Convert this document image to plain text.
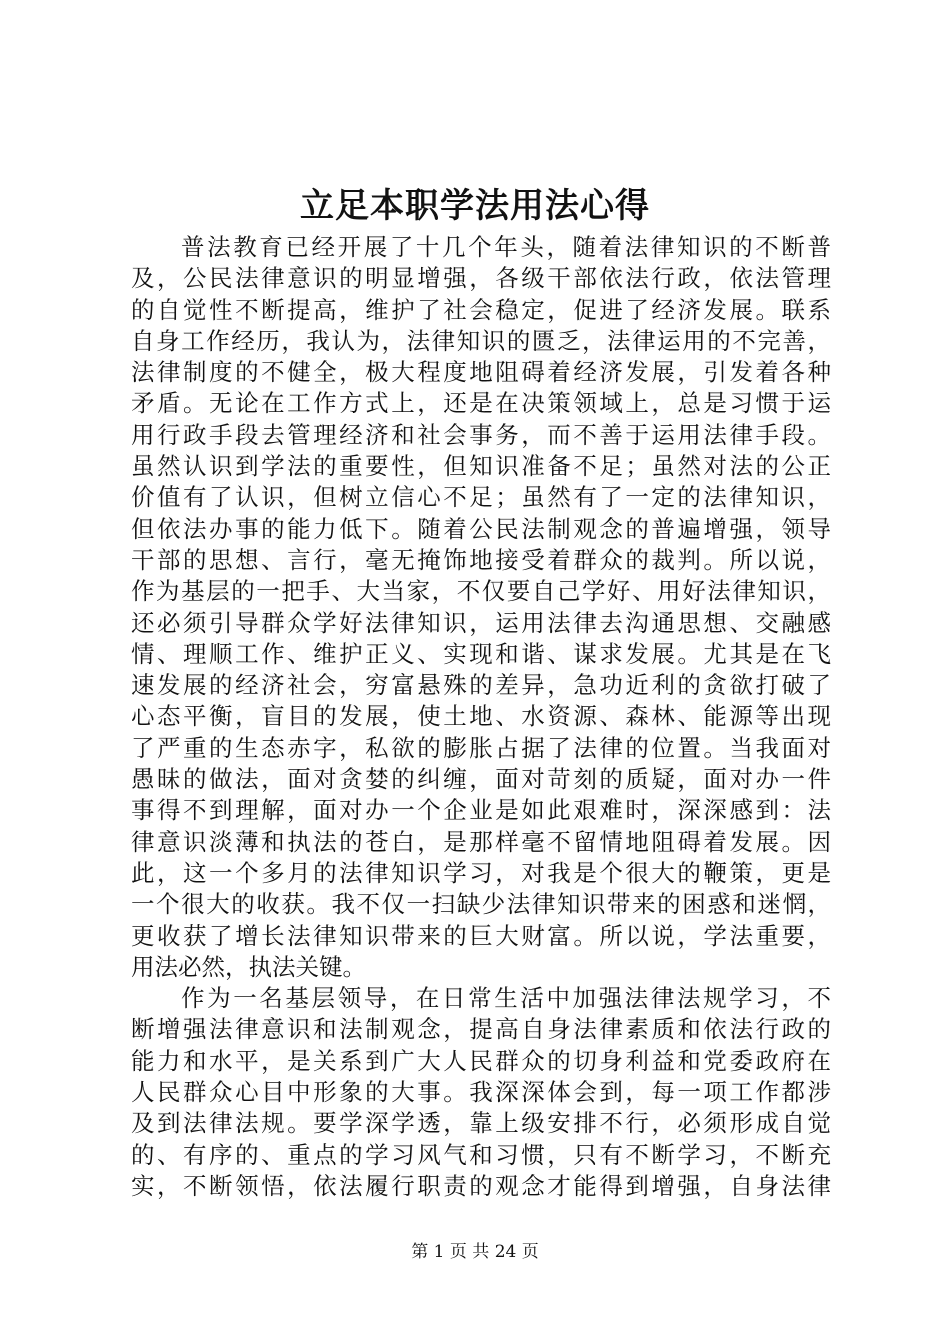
立足本职学法用法心得
普法教育已经开展了十几个年头，随着法律知识的不断普
及，公民法律意识的明显增强，各级干部依法行政，依法管理
的自觉性不断提高，维护了社会稳定，促进了经济发展。联系
自身工作经历，我认为，法律知识的匮乏，法律运用的不完善，
法律制度的不健全，极大程度地阻碍着经济发展，引发着各种
矛盾。无论在工作方式上，还是在决策领域上，总是习惯于运
用行政手段去管理经济和社会事务，而不善于运用法律手段。
虽然认识到学法的重要性，但知识准备不足；虽然对法的公正
价值有了认识，但树立信心不足；虽然有了一定的法律知识，
但依法办事的能力低下。随着公民法制观念的普遍增强，领导
干部的思想、言行，毫无掩饰地接受着群众的裁判。所以说，
作为基层的一把手、大当家，不仅要自己学好、用好法律知识，
还必须引导群众学好法律知识，运用法律去沟通思想、交融感
情、理顺工作、维护正义、实现和谐、谋求发展。尤其是在飞
速发展的经济社会，穷富悬殊的差异，急功近利的贪欲打破了
心态平衡，盲目的发展，使土地、水资源、森林、能源等出现
了严重的生态赤字，私欲的膨胀占据了法律的位置。当我面对
愚昧的做法，面对贪婪的纠缠，面对苛刻的质疑，面对办一件
事得不到理解，面对办一个企业是如此艰难时，深深感到：法
律意识淡薄和执法的苍白，是那样毫不留情地阻碍着发展。因
此，这一个多月的法律知识学习，对我是个很大的鞭策，更是
一个很大的收获。我不仅一扫缺少法律知识带来的困惑和迷惘，
更收获了增长法律知识带来的巨大财富。所以说，学法重要，
用法必然，执法关键。
作为一名基层领导，在日常生活中加强法律法规学习，不
断增强法律意识和法制观念，提高自身法律素质和依法行政的
能力和水平，是关系到广大人民群众的切身利益和党委政府在
人民群众心目中形象的大事。我深深体会到，每一项工作都涉
及到法律法规。要学深学透，靠上级安排不行，必须形成自觉
的、有序的、重点的学习风气和习惯，只有不断学习，不断充
实，不断领悟，依法履行职责的观念才能得到增强，自身法律
第 1 页 共 24 页
